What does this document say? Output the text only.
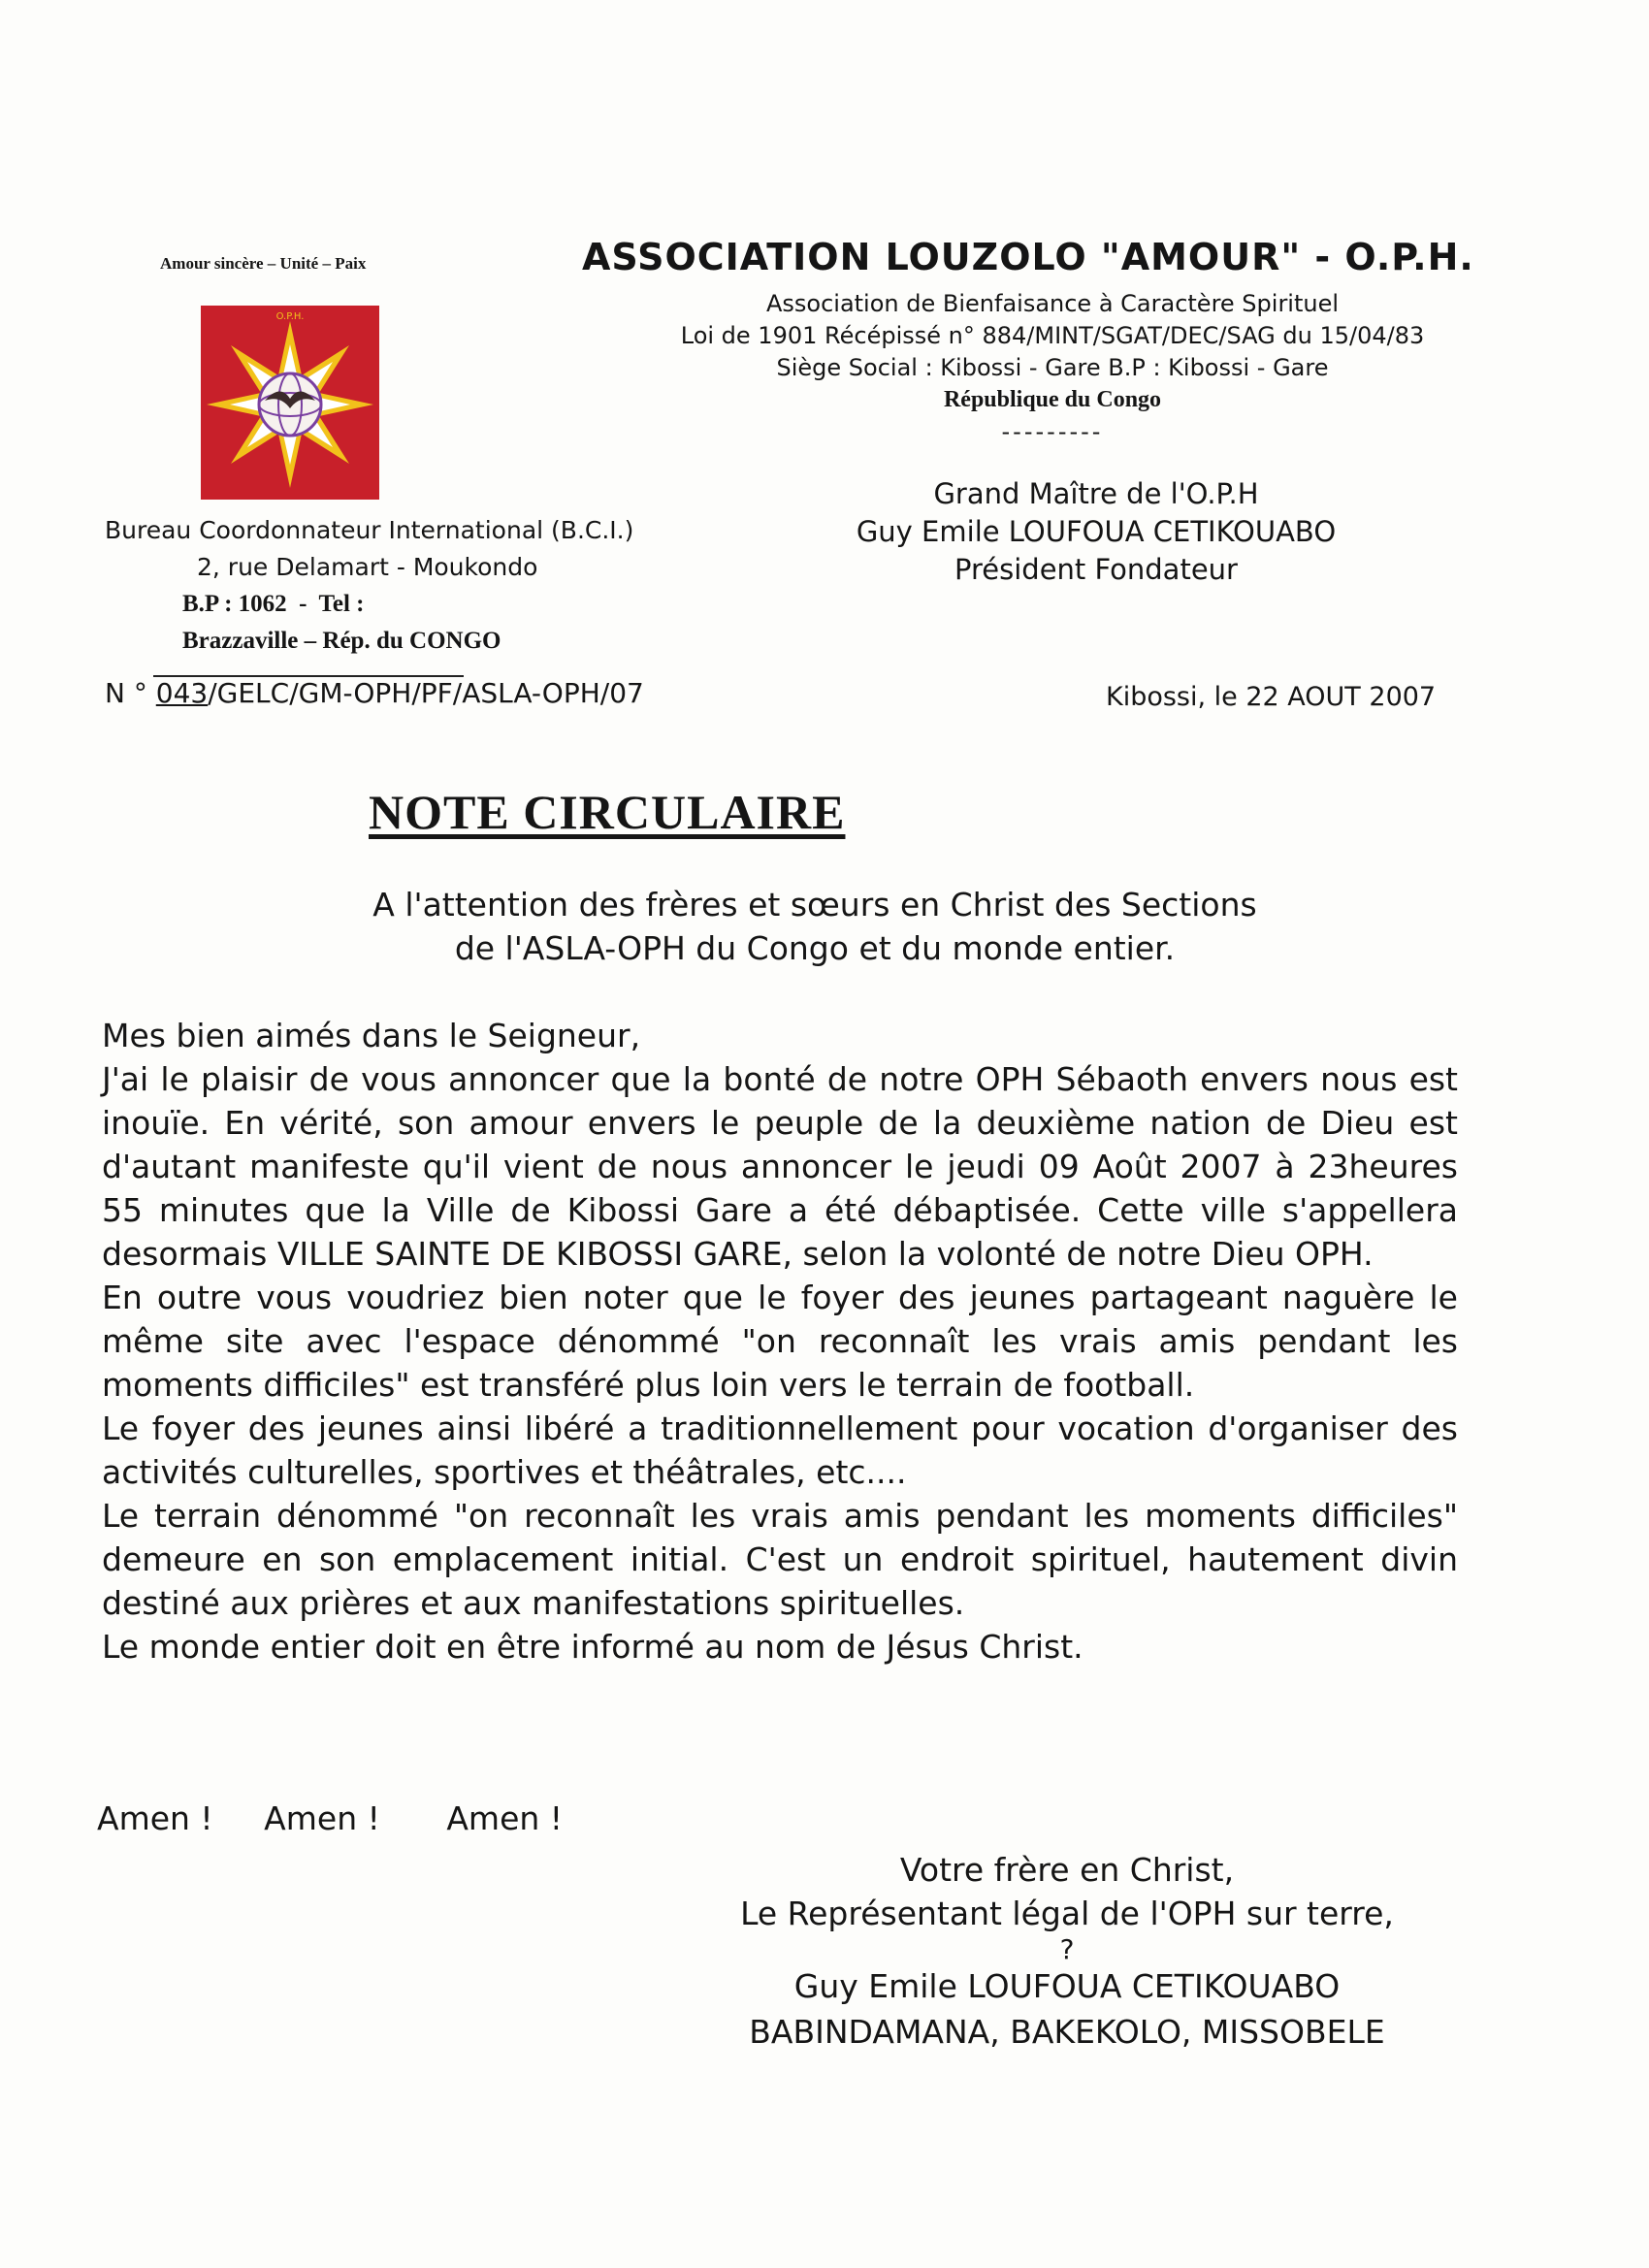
Amour sincère – Unité – Paix
O.P.H.
Bureau Coordonnateur International (B.C.I.)
2, rue Delamart - Moukondo
B.P : 1062  -  Tel :
Brazzaville – Rép. du CONGO
ASSOCIATION LOUZOLO "AMOUR" - O.P.H.
Association de Bienfaisance à Caractère Spirituel
Loi de 1901 Récépissé n° 884/MINT/SGAT/DEC/SAG du 15/04/83
Siège Social : Kibossi - Gare B.P : Kibossi - Gare
République du Congo
---------
Grand Maître de l'O.P.H
Guy Emile LOUFOUA CETIKOUABO
Président Fondateur
N ° 043/GELC/GM-OPH/PF/ASLA-OPH/07	Kibossi, le 22 AOUT 2007
NOTE CIRCULAIRE
A l'attention des frères et sœurs en Christ des Sections
de l'ASLA-OPH du Congo et du monde entier.

Mes bien aimés dans le Seigneur,

J'ai le plaisir de vous annoncer que la bonté de notre OPH Sébaoth envers nous est inouïe. En vérité, son amour envers le peuple de la deuxième nation de Dieu est d'autant manifeste qu'il vient de nous annoncer le jeudi 09 Août 2007 à 23heures 55 minutes que la Ville de Kibossi Gare a été débaptisée. Cette ville s'appellera desormais VILLE SAINTE DE KIBOSSI GARE, selon la volonté de notre Dieu OPH.

En outre vous voudriez bien noter que le foyer des jeunes partageant naguère le même site avec l'espace dénommé "on reconnaît les vrais amis pendant les moments difficiles" est transféré plus loin vers le terrain de football.

Le foyer des jeunes ainsi libéré a traditionnellement pour vocation d'organiser des activités culturelles, sportives et théâtrales, etc....

Le terrain dénommé "on reconnaît les vrais amis pendant les moments difficiles" demeure en son emplacement initial. C'est un endroit spirituel, hautement divin destiné aux prières et aux manifestations spirituelles.

Le monde entier doit en être informé au nom de Jésus Christ.

Amen ! Amen ! Amen !
Votre frère en Christ,
Le Représentant légal de l'OPH sur terre,
?
Guy Emile LOUFOUA CETIKOUABO
BABINDAMANA, BAKEKOLO, MISSOBELE
